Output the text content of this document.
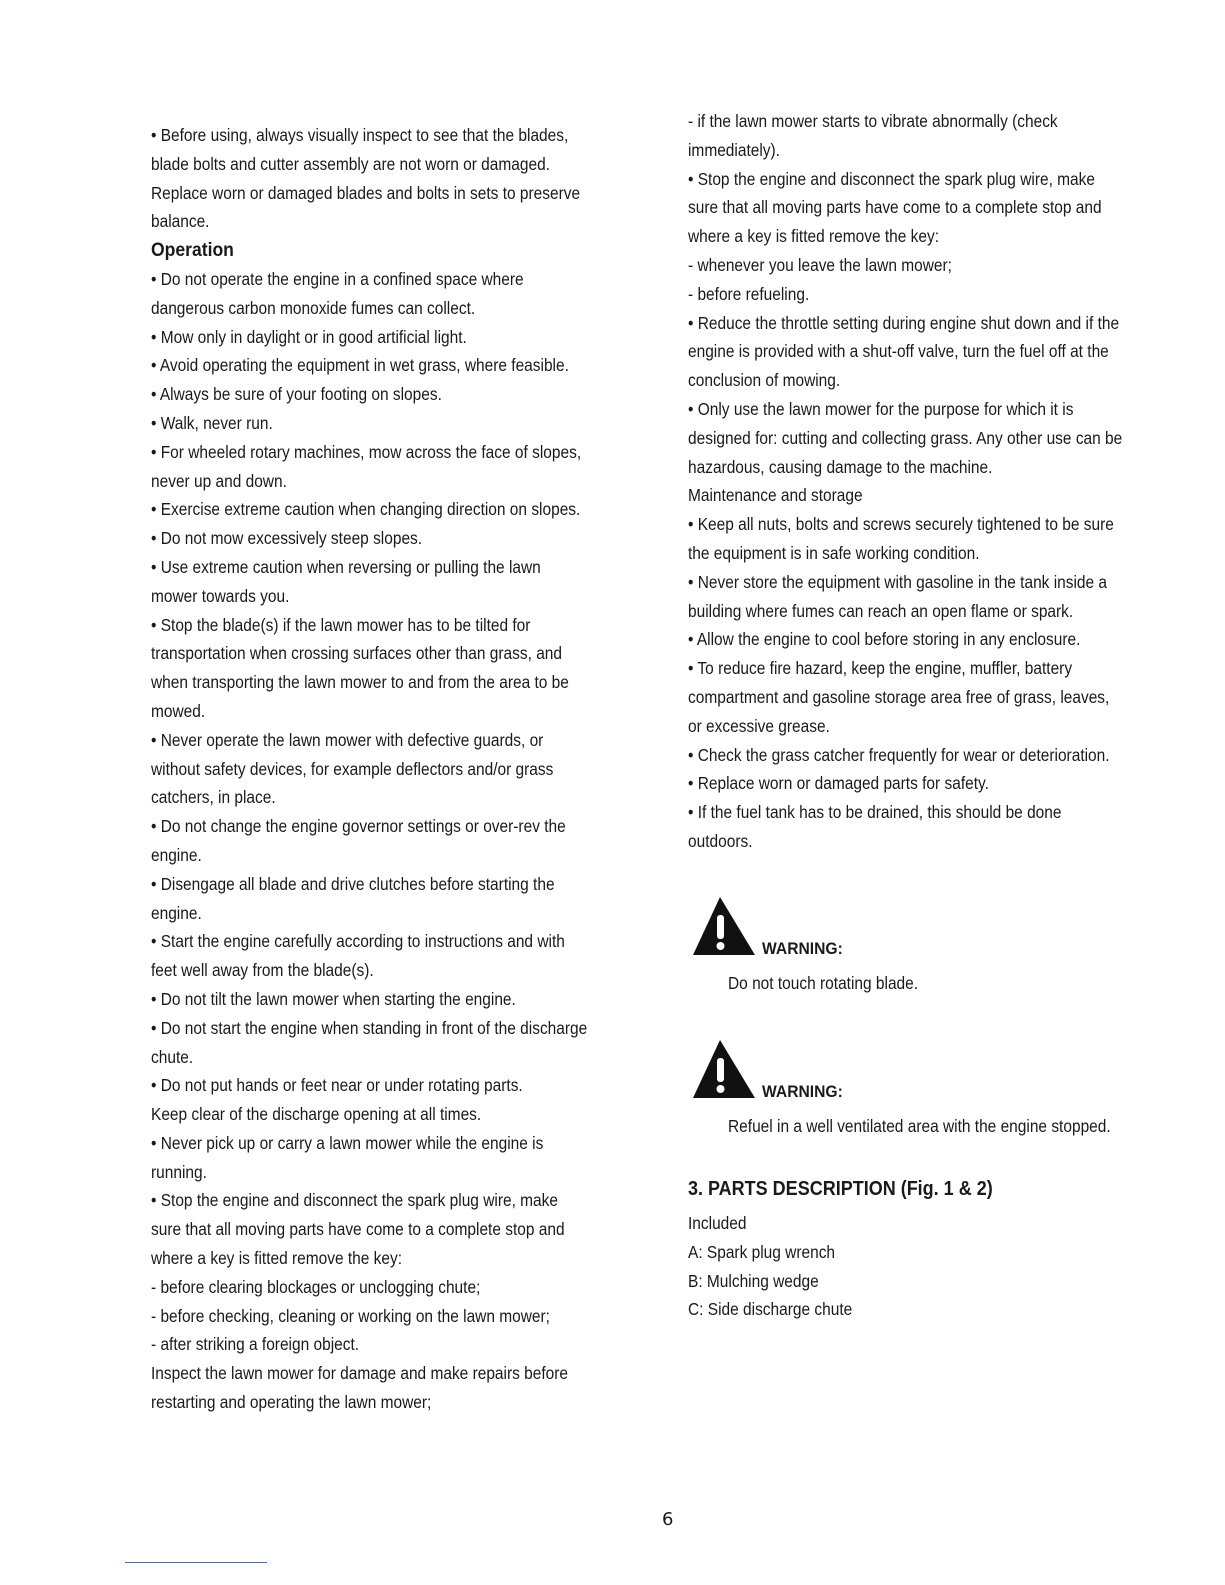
• Before using, always visually inspect to see that the blades,
blade bolts and cutter assembly are not worn or damaged.
Replace worn or damaged blades and bolts in sets to preserve
balance.
Operation
• Do not operate the engine in a confined space where
dangerous carbon monoxide fumes can collect.
• Mow only in daylight or in good artificial light.
• Avoid operating the equipment in wet grass, where feasible.
• Always be sure of your footing on slopes.
• Walk, never run.
• For wheeled rotary machines, mow across the face of slopes,
never up and down.
• Exercise extreme caution when changing direction on slopes.
• Do not mow excessively steep slopes.
• Use extreme caution when reversing or pulling the lawn
mower towards you.
• Stop the blade(s) if the lawn mower has to be tilted for
transportation when crossing surfaces other than grass, and
when transporting the lawn mower to and from the area to be
mowed.
• Never operate the lawn mower with defective guards, or
without safety devices, for example deflectors and/or grass
catchers, in place.
• Do not change the engine governor settings or over-rev the
engine.
• Disengage all blade and drive clutches before starting the
engine.
• Start the engine carefully according to instructions and with
feet well away from the blade(s).
• Do not tilt the lawn mower when starting the engine.
• Do not start the engine when standing in front of the discharge
chute.
• Do not put hands or feet near or under rotating parts.
Keep clear of the discharge opening at all times.
• Never pick up or carry a lawn mower while the engine is
running.
• Stop the engine and disconnect the spark plug wire, make
sure that all moving parts have come to a complete stop and
where a key is fitted remove the key:
- before clearing blockages or unclogging chute;
- before checking, cleaning or working on the lawn mower;
- after striking a foreign object.
Inspect the lawn mower for damage and make repairs before
restarting and operating the lawn mower;
- if the lawn mower starts to vibrate abnormally (check
immediately).
• Stop the engine and disconnect the spark plug wire, make
sure that all moving parts have come to a complete stop and
where a key is fitted remove the key:
- whenever you leave the lawn mower;
- before refueling.
• Reduce the throttle setting during engine shut down and if the
engine is provided with a shut-off valve, turn the fuel off at the
conclusion of mowing.
• Only use the lawn mower for the purpose for which it is
designed for: cutting and collecting grass. Any other use can be
hazardous, causing damage to the machine.
Maintenance and storage
• Keep all nuts, bolts and screws securely tightened to be sure
the equipment is in safe working condition.
• Never store the equipment with gasoline in the tank inside a
building where fumes can reach an open flame or spark.
• Allow the engine to cool before storing in any enclosure.
• To reduce fire hazard, keep the engine, muffler, battery
compartment and gasoline storage area free of grass, leaves,
or excessive grease.
• Check the grass catcher frequently for wear or deterioration.
• Replace worn or damaged parts for safety.
• If the fuel tank has to be drained, this should be done
outdoors.
WARNING:
Do not touch rotating blade.
WARNING:
Refuel in a well ventilated area with the engine stopped.
3. PARTS DESCRIPTION (Fig. 1 & 2)
Included
A: Spark plug wrench
B: Mulching wedge
C: Side discharge chute
6
